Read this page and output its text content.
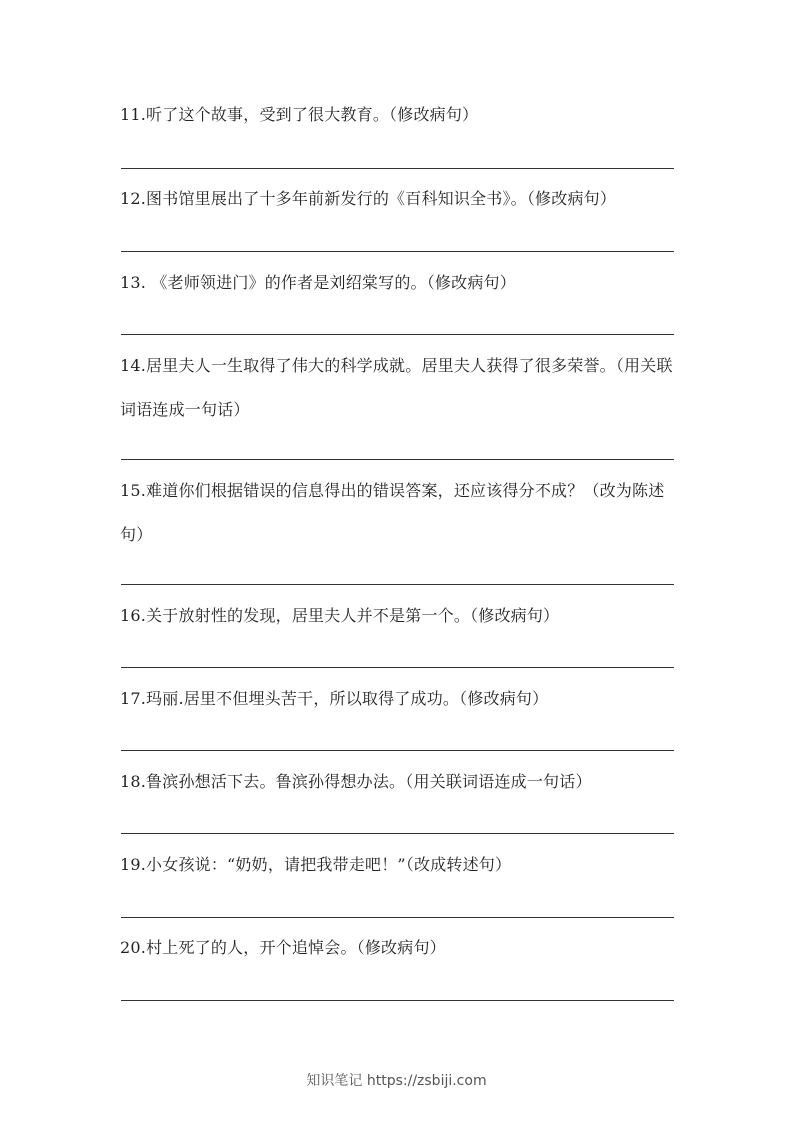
11.听了这个故事，受到了很大教育。（修改病句）
12.图书馆里展出了十多年前新发行的《百科知识全书》。（修改病句）
13. 《老师领进门》的作者是刘绍棠写的。（修改病句）
14.居里夫人一生取得了伟大的科学成就。居里夫人获得了很多荣誉。（用关联词语连成一句话）
15.难道你们根据错误的信息得出的错误答案，还应该得分不成？（改为陈述句）
16.关于放射性的发现，居里夫人并不是第一个。（修改病句）
17.玛丽.居里不但埋头苦干，所以取得了成功。（修改病句）
18.鲁滨孙想活下去。鲁滨孙得想办法。（用关联词语连成一句话）
19.小女孩说：“奶奶，请把我带走吧！”（改成转述句）
20.村上死了的人，开个追悼会。（修改病句）
知识笔记 https://zsbiji.com
